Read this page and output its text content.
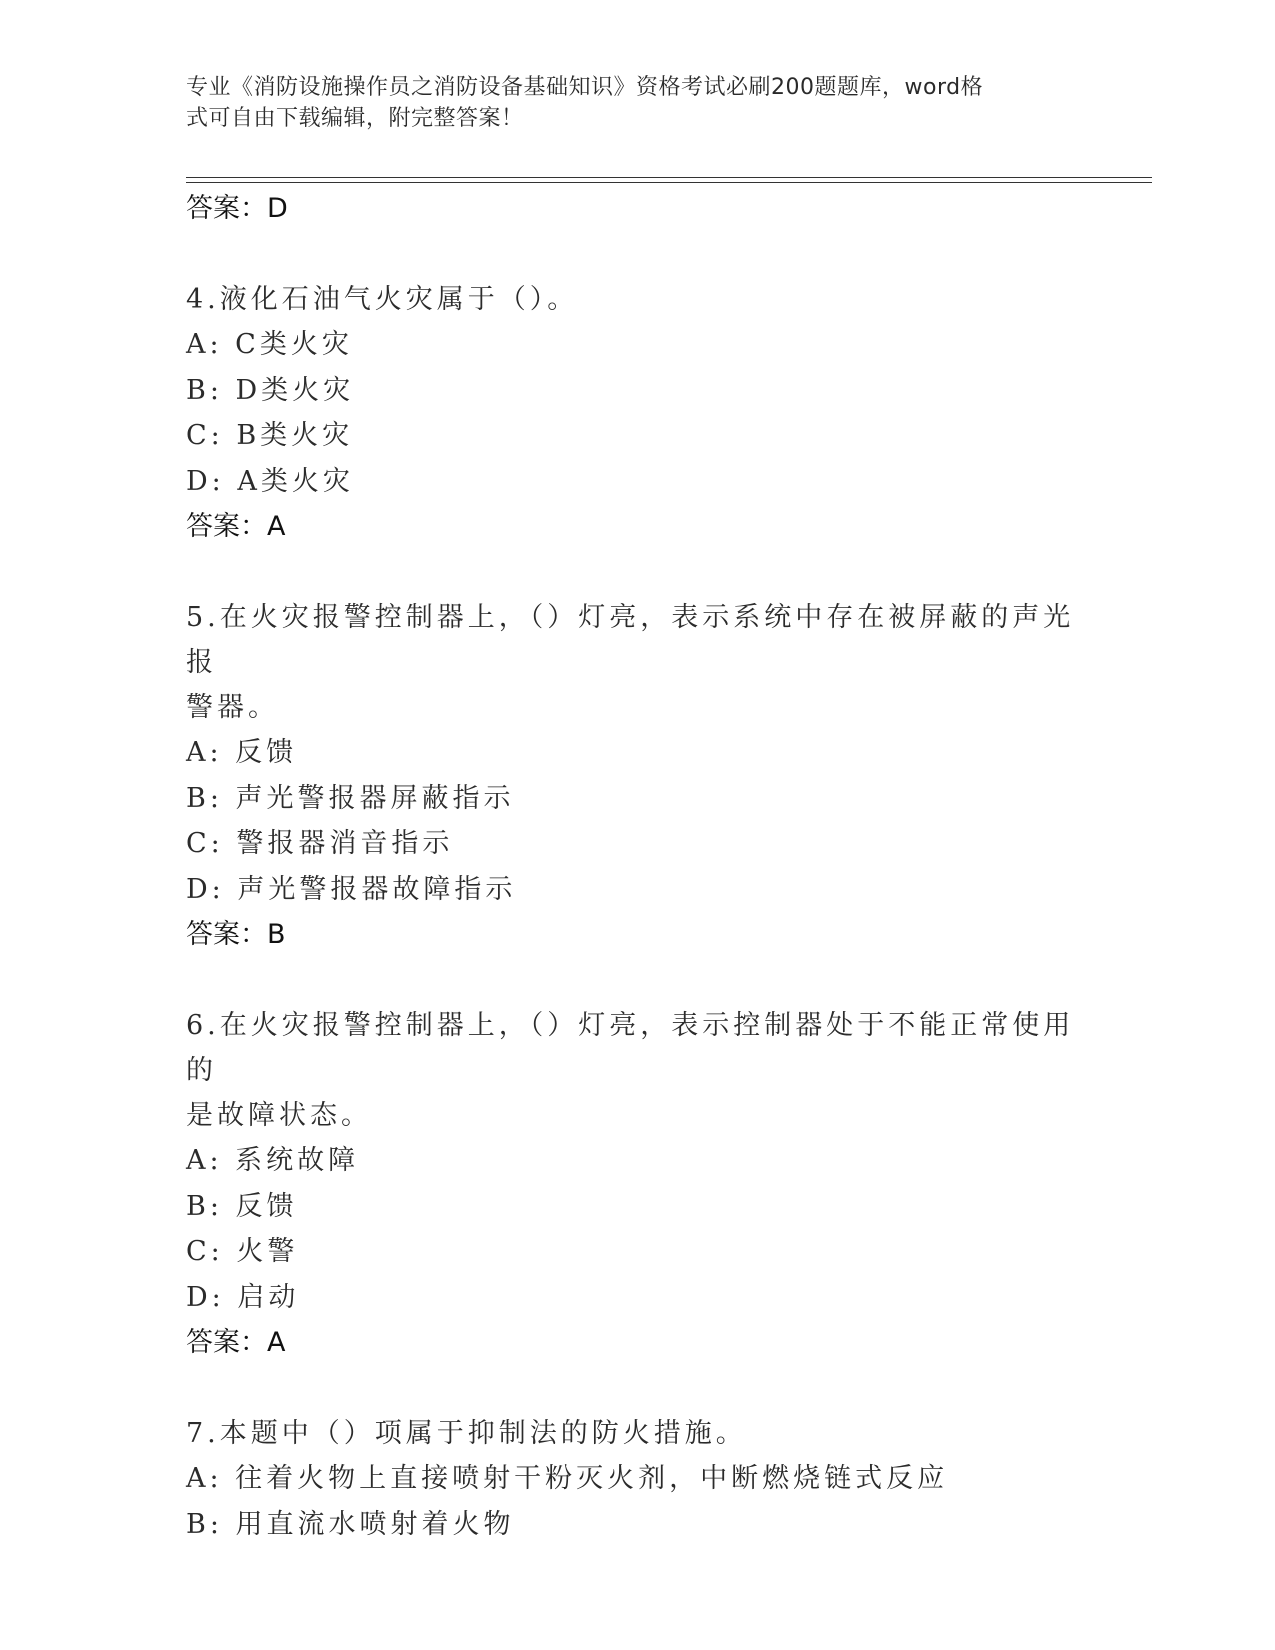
专业《消防设施操作员之消防设备基础知识》资格考试必刷200题题库，word格
式可自由下载编辑，附完整答案！
答案：D
4.液化石油气火灾属于（）。
A: C类火灾
B: D类火灾
C: B类火灾
D: A类火灾
答案：A
5.在火灾报警控制器上，（）灯亮，表示系统中存在被屏蔽的声光报
警器。
A: 反馈
B: 声光警报器屏蔽指示
C: 警报器消音指示
D: 声光警报器故障指示
答案：B
6.在火灾报警控制器上，（）灯亮，表示控制器处于不能正常使用的
是故障状态。
A: 系统故障
B: 反馈
C: 火警
D: 启动
答案：A
7.本题中（）项属于抑制法的防火措施。
A: 往着火物上直接喷射干粉灭火剂，中断燃烧链式反应
B: 用直流水喷射着火物
